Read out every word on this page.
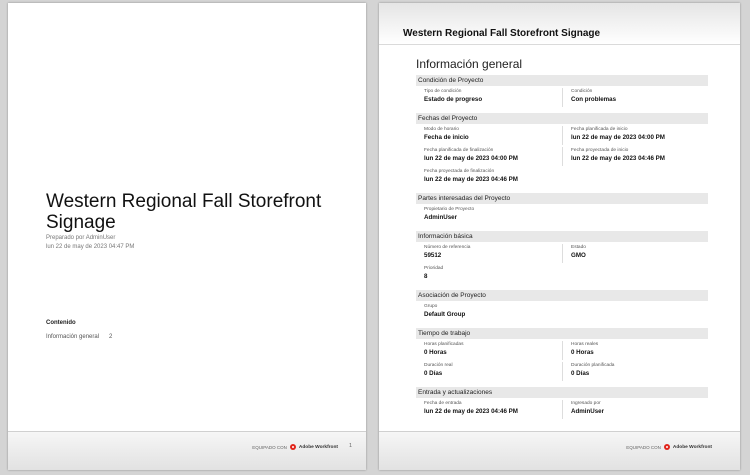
Western Regional Fall Storefront Signage
Preparado por AdminUser
lun 22 de may de 2023 04:47 PM
Contenido
Información general 2
EQUIPADO CON	Adobe Workfront 1
Western Regional Fall Storefront Signage
Información general
Condición de Proyecto
Tipo de condición
Estado de progreso
Condición
Con problemas
Fechas del Proyecto
Modo de horario
Fecha de inicio
Fecha planificada de inicio
lun 22 de may de 2023 04:00 PM
Fecha planificada de finalización
lun 22 de may de 2023 04:00 PM
Fecha proyectada de inicio
lun 22 de may de 2023 04:46 PM
Fecha proyectada de finalización
lun 22 de may de 2023 04:46 PM
Partes interesadas del Proyecto
Propietario de Proyecto
AdminUser
Información básica
Número de referencia
59512
Estado
GMO
Prioridad
8
Asociación de Proyecto
Grupo
Default Group
Tiempo de trabajo
Horas planificadas
0 Horas
Horas reales
0 Horas
Duración real
0 Días
Duración planificada
0 Días
Entrada y actualizaciones
Fecha de entrada
lun 22 de may de 2023 04:46 PM
Ingresado por
AdminUser
EQUIPADO CON	Adobe Workfront
